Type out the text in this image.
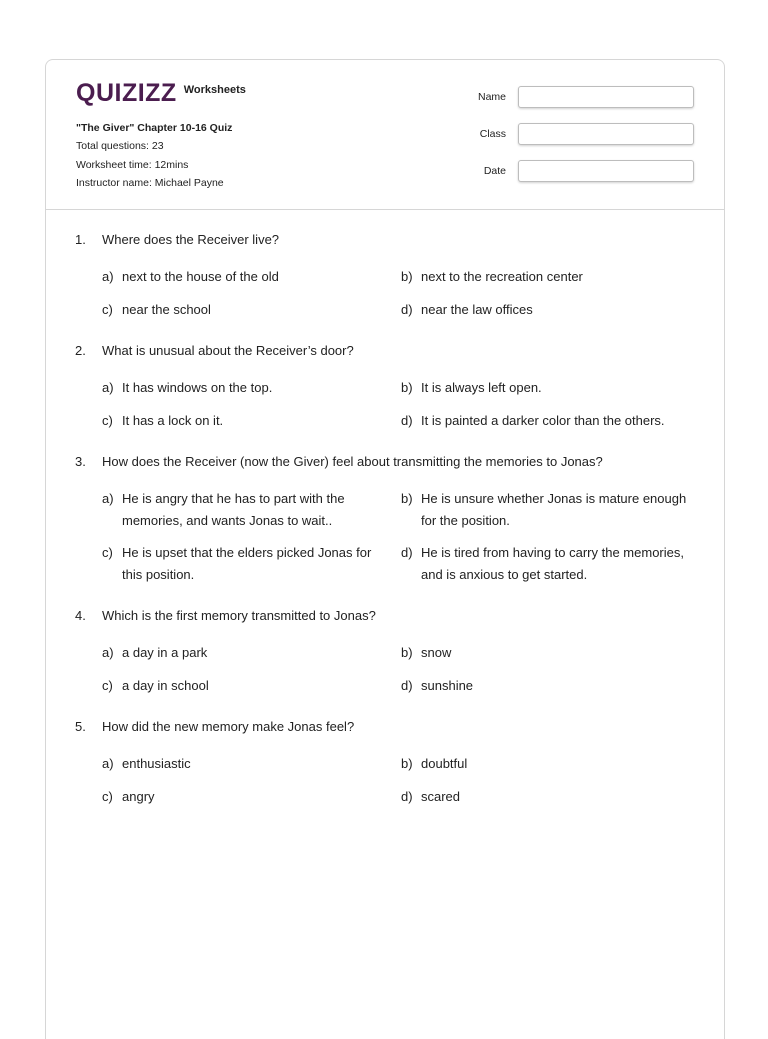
QUIZIZZ Worksheets
"The Giver" Chapter 10-16 Quiz
Total questions: 23
Worksheet time: 12mins
Instructor name: Michael Payne
Name
Class
Date
1.	Where does the Receiver live?
a) next to the house of the old	b) next to the recreation center
c) near the school	d) near the law offices
2.	What is unusual about the Receiver’s door?
a) It has windows on the top.	b) It is always left open.
c) It has a lock on it.	d) It is painted a darker color than the others.
3.	How does the Receiver (now the Giver) feel about transmitting the memories to Jonas?
a) He is angry that he has to part with the memories, and wants Jonas to wait..
b) He is unsure whether Jonas is mature enough for the position.
c) He is upset that the elders picked Jonas for this position.
d) He is tired from having to carry the memories, and is anxious to get started.
4.	Which is the first memory transmitted to Jonas?
a) a day in a park	b) snow
c) a day in school	d) sunshine
5.	How did the new memory make Jonas feel?
a) enthusiastic	b) doubtful
c) angry	d) scared
